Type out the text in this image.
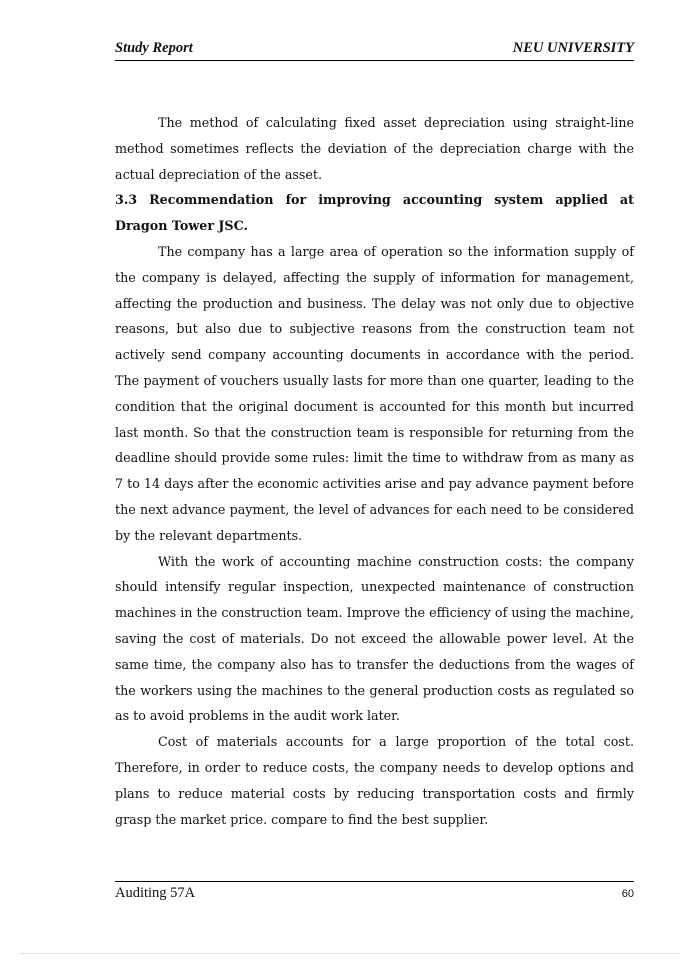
Study Report	NEU UNIVERSITY

The method of calculating fixed asset depreciation using straight-line method sometimes reflects the deviation of the depreciation charge with the actual depreciation of the asset.

3.3 Recommendation for improving accounting system applied at Dragon Tower JSC.

The company has a large area of operation so the information supply of the company is delayed, affecting the supply of information for management, affecting the production and business. The delay was not only due to objective reasons, but also due to subjective reasons from the construction team not actively send company accounting documents in accordance with the period. The payment of vouchers usually lasts for more than one quarter, leading to the condition that the original document is accounted for this month but incurred last month. So that the construction team is responsible for returning from the deadline should provide some rules: limit the time to withdraw from as many as 7 to 14 days after the economic activities arise and pay advance payment before the next advance payment, the level of advances for each need to be considered by the relevant departments.

With the work of accounting machine construction costs: the company should intensify regular inspection, unexpected maintenance of construction machines in the construction team. Improve the efficiency of using the machine, saving the cost of materials. Do not exceed the allowable power level. At the same time, the company also has to transfer the deductions from the wages of the workers using the machines to the general production costs as regulated so as to avoid problems in the audit work later.

Cost of materials accounts for a large proportion of the total cost. Therefore, in order to reduce costs, the company needs to develop options and plans to reduce material costs by reducing transportation costs and firmly grasp the market price. compare to find the best supplier.

Auditing 57A	60
